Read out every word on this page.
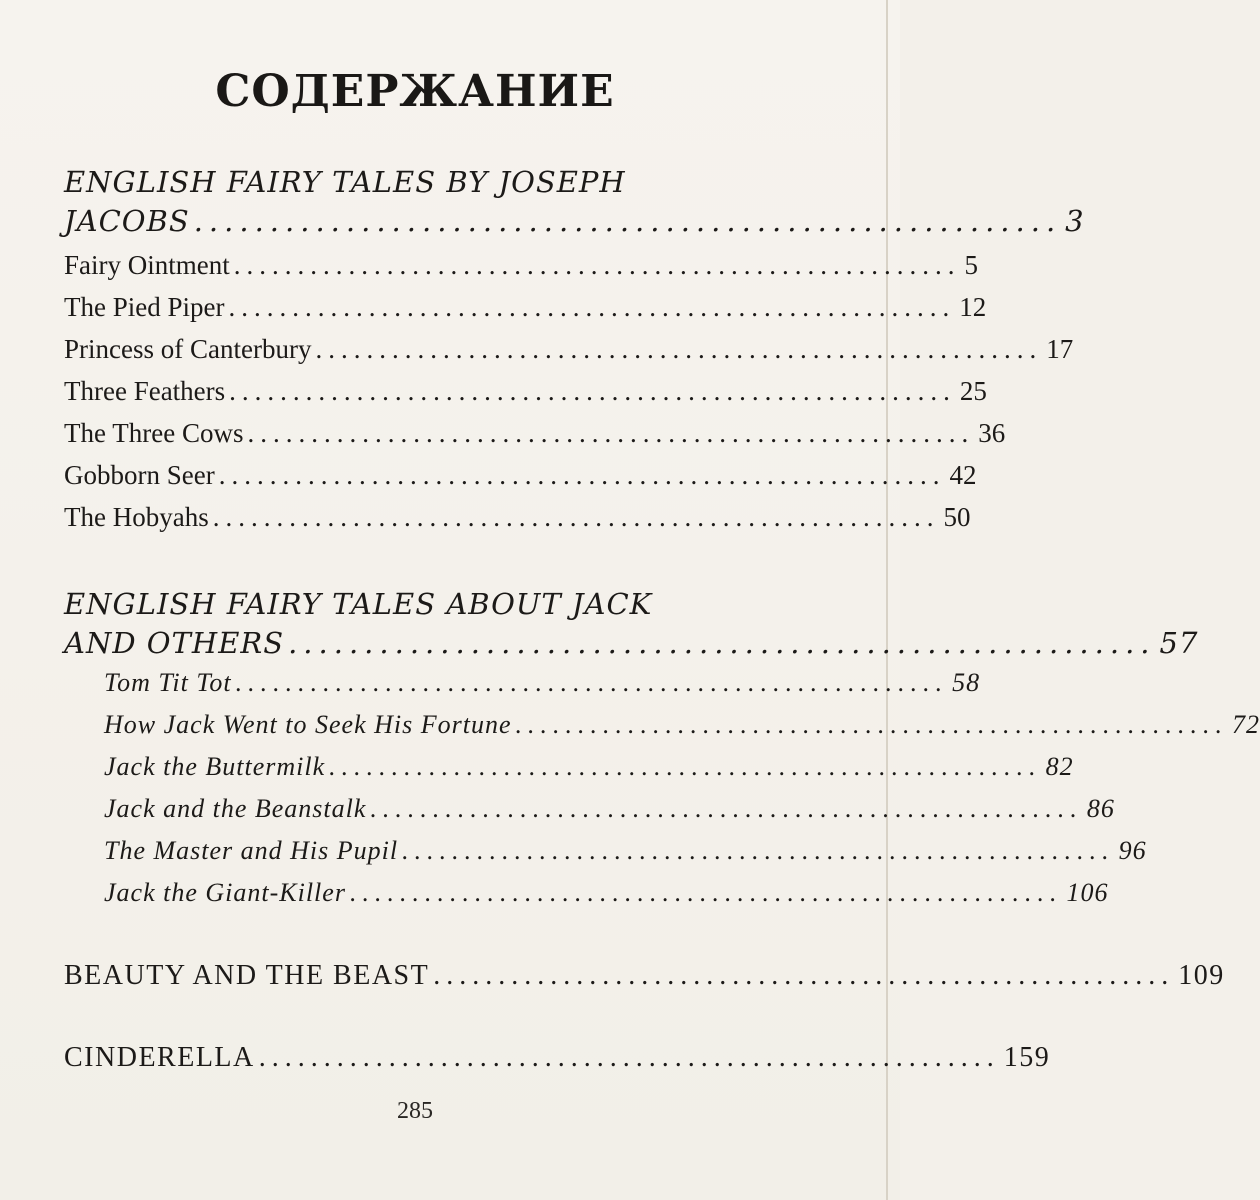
СОДЕРЖАНИЕ
ENGLISH FAIRY TALES BY JOSEPH
JACOBS ......................................................... 3
Fairy Ointment ......................................................... 5
The Pied Piper ......................................................... 12
Princess of Canterbury ......................................................... 17
Three Feathers ......................................................... 25
The Three Cows ......................................................... 36
Gobborn Seer ......................................................... 42
The Hobyahs ......................................................... 50
ENGLISH FAIRY TALES ABOUT JACK
AND OTHERS ......................................................... 57
Tom Tit Tot ......................................................... 58
How Jack Went to Seek His Fortune ......................................................... 72
Jack the Buttermilk ......................................................... 82
Jack and the Beanstalk ......................................................... 86
The Master and His Pupil ......................................................... 96
Jack the Giant-Killer ......................................................... 106
BEAUTY AND THE BEAST ......................................................... 109
CINDERELLA ......................................................... 159
285
